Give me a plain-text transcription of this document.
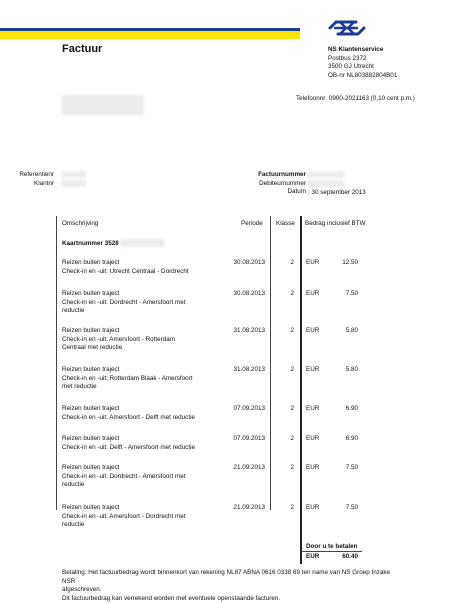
Factuur	NS Klantenservice
Postbus 2372
3500 GJ Utrecht
OB-nr NL803882804B01
Telefoonnr 0900-2021163 (0,10 cent p.m.)
Referentienr
Klantnr
Factuurnummer
Debiteurnummer
Datum : 30 september 2013
Omschrijving	Periode Klasse Bedrag inclusief BTW
Kaartnummer 3528
Reizen buiten traject
Check-in en -uit: Utrecht Centraal - Dordrecht
30.08.2013	2 EUR	12.50
Reizen buiten traject
Check-in en -uit: Dordrecht - Amersfoort met
reductie
30.08.2013	2 EUR	7.50
Reizen buiten traject
Check-in en -uit: Amersfoort - Rotterdam
Centraal met reductie
31.08.2013	2 EUR	5.80
Reizen buiten traject
Check-in en -uit: Rotterdam Blaak - Amersfoort
met reductie
31.08.2013	2 EUR	5.80
Reizen buiten traject
Check-in en -uit: Amersfoort - Delft met reductie
07.09.2013	2 EUR	6.90
Reizen buiten traject
Check-in en -uit: Delft - Amersfoort met reductie
07.09.2013	2 EUR	6.90
Reizen buiten traject
Check-in en -uit: Dordrecht - Amersfoort met
reductie
21.09.2013	2 EUR	7.50
Reizen buiten traject
Check-in en -uit: Amersfoort - Dordrecht met
reductie
21.09.2013	2 EUR	7.50
Door u te betalen
EUR	60.40
Betaling: Het factuurbedrag wordt binnenkort van rekening NL87 ABNA 0616 0338 69 ten name van NS Groep Inzake NSR
afgeschreven.
Dit factuurbedrag kan verrekend worden met eventuele openstaande facturen.
